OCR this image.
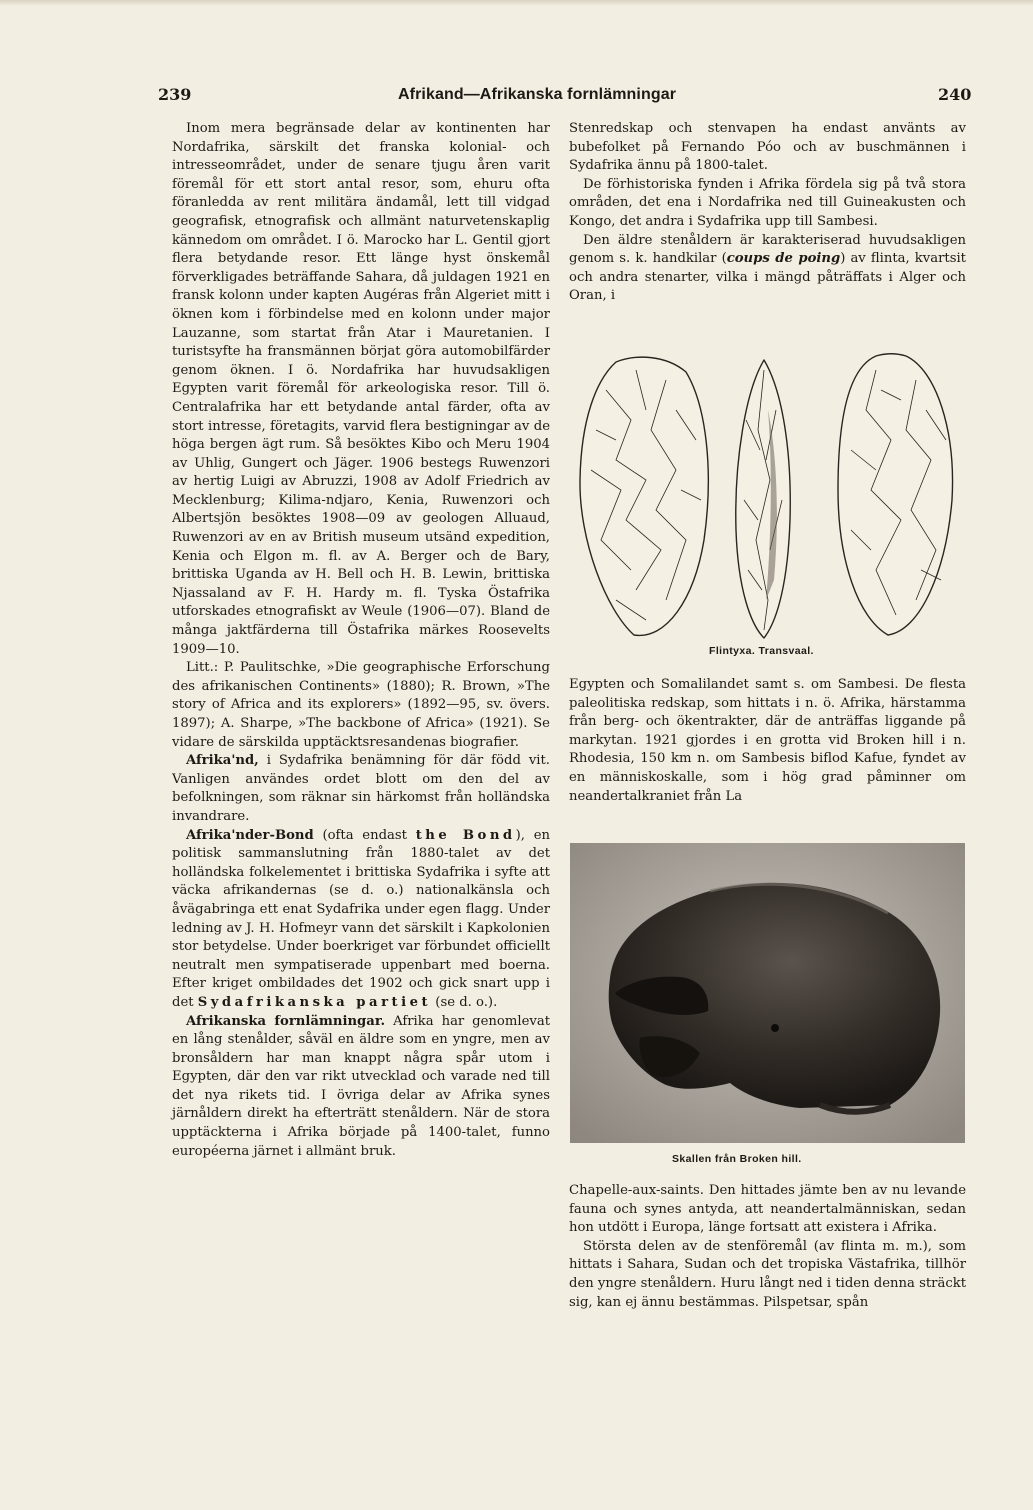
239	Afrikand—Afrikanska fornlämningar	240

Inom mera begränsade delar av kontinenten har Nordafrika, särskilt det franska kolonial- och intresseområdet, under de senare tjugu åren varit föremål för ett stort antal resor, som, ehuru ofta föranledda av rent militära ändamål, lett till vidgad geografisk, etnografisk och allmänt naturvetenskaplig kännedom om området. I ö. Marocko har L. Gentil gjort flera betydande resor. Ett länge hyst önskemål förverkligades beträffande Sahara, då juldagen 1921 en fransk kolonn under kapten Augéras från Algeriet mitt i öknen kom i förbindelse med en kolonn under major Lauzanne, som startat från Atar i Mauretanien. I turistsyfte ha fransmännen börjat göra automobilfärder genom öknen. I ö. Nordafrika har huvudsakligen Egypten varit föremål för arkeologiska resor. Till ö. Centralafrika har ett betydande antal färder, ofta av stort intresse, företagits, varvid flera bestigningar av de höga bergen ägt rum. Så besöktes Kibo och Meru 1904 av Uhlig, Gungert och Jäger. 1906 bestegs Ruwenzori av hertig Luigi av Abruzzi, 1908 av Adolf Friedrich av Mecklenburg; Kilima-ndjaro, Kenia, Ruwenzori och Albertsjön besöktes 1908—09 av geologen Alluaud, Ruwenzori av en av British museum utsänd expedition, Kenia och Elgon m. fl. av A. Berger och de Bary, brittiska Uganda av H. Bell och H. B. Lewin, brittiska Njassaland av F. H. Hardy m. fl. Tyska Östafrika utforskades etnografiskt av Weule (1906—07). Bland de många jaktfärderna till Östafrika märkes Roosevelts 1909—10.

Litt.: P. Paulitschke, »Die geographische Erforschung des afrikanischen Continents» (1880); R. Brown, »The story of Africa and its explorers» (1892—95, sv. övers. 1897); A. Sharpe, »The backbone of Africa» (1921). Se vidare de särskilda upptäcktsresandenas biografier.

Afrika'nd, i Sydafrika benämning för där född vit. Vanligen användes ordet blott om den del av befolkningen, som räknar sin härkomst från holländska invandrare.

Afrika'nder-Bond (ofta endast the Bond), en politisk sammanslutning från 1880-talet av det holländska folkelementet i brittiska Sydafrika i syfte att väcka afrikandernas (se d. o.) nationalkänsla och åvägabringa ett enat Sydafrika under egen flagg. Under ledning av J. H. Hofmeyr vann det särskilt i Kapkolonien stor betydelse. Under boerkriget var förbundet officiellt neutralt men sympatiserade uppenbart med boerna. Efter kriget ombildades det 1902 och gick snart upp i det Sydafrikanska partiet (se d. o.).

Afrikanska fornlämningar. Afrika har genomlevat en lång stenålder, såväl en äldre som en yngre, men av bronsåldern har man knappt några spår utom i Egypten, där den var rikt utvecklad och varade ned till det nya rikets tid. I övriga delar av Afrika synes järnåldern direkt ha efterträtt stenåldern. När de stora upptäckterna i Afrika började på 1400-talet, funno européerna järnet i allmänt bruk.

Stenredskap och stenvapen ha endast använts av bubefolket på Fernando Póo och av buschmännen i Sydafrika ännu på 1800-talet.

De förhistoriska fynden i Afrika fördela sig på två stora områden, det ena i Nordafrika ned till Guineakusten och Kongo, det andra i Sydafrika upp till Sambesi.

Den äldre stenåldern är karakteriserad huvudsakligen genom s. k. handkilar (coups de poing) av flinta, kvartsit och andra stenarter, vilka i mängd påträffats i Alger och Oran, i

Flintyxa. Transvaal.

Egypten och Somalilandet samt s. om Sambesi. De flesta paleolitiska redskap, som hittats i n. ö. Afrika, härstamma från berg- och ökentrakter, där de anträffas liggande på markytan. 1921 gjordes i en grotta vid Broken hill i n. Rhodesia, 150 km n. om Sambesis biflod Kafue, fyndet av en människoskalle, som i hög grad påminner om neandertalkraniet från La

Skallen från Broken hill.

Chapelle-aux-saints. Den hittades jämte ben av nu levande fauna och synes antyda, att neandertalmänniskan, sedan hon utdött i Europa, länge fortsatt att existera i Afrika.

Största delen av de stenföremål (av flinta m. m.), som hittats i Sahara, Sudan och det tropiska Västafrika, tillhör den yngre stenåldern. Huru långt ned i tiden denna sträckt sig, kan ej ännu bestämmas. Pilspetsar, spån
